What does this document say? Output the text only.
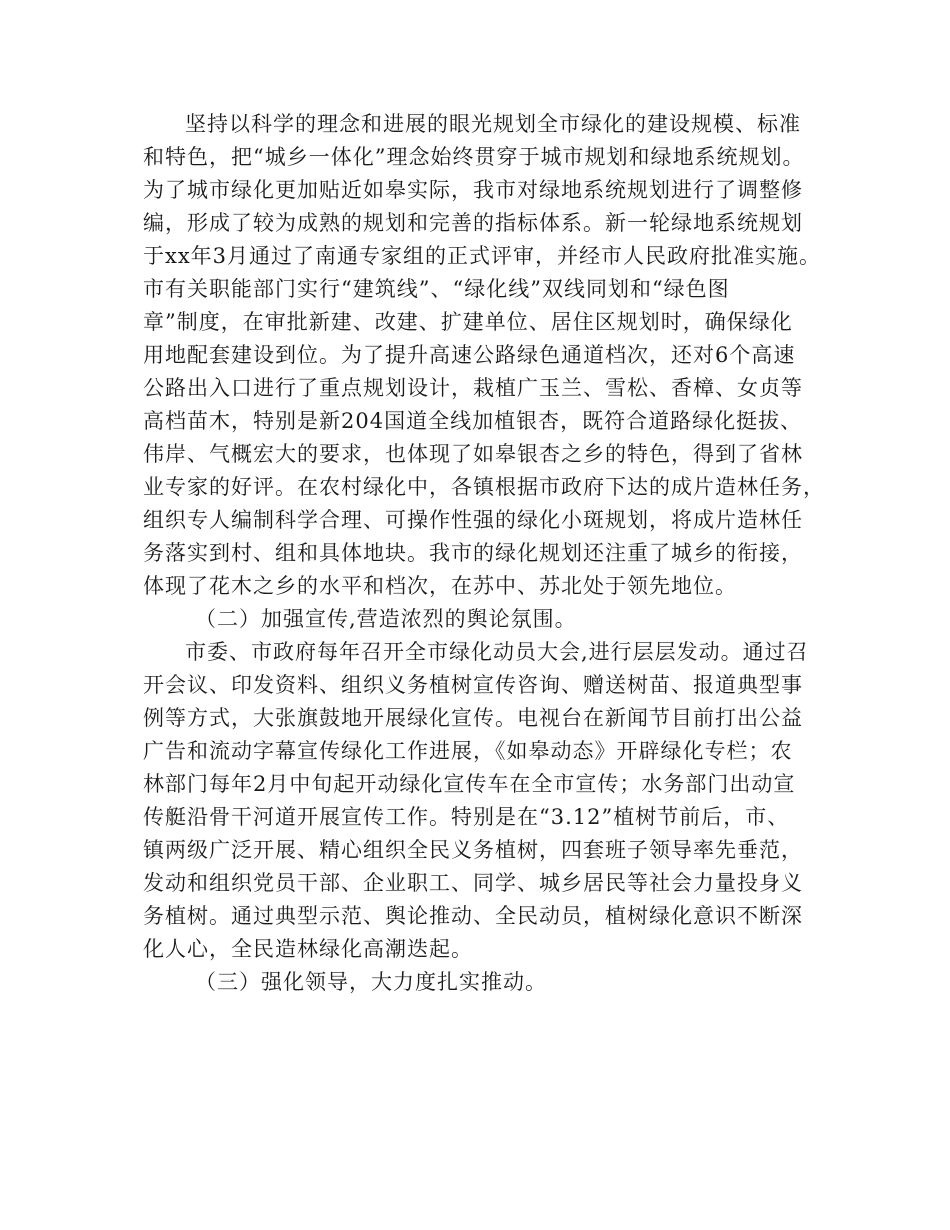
坚持以科学的理念和进展的眼光规划全市绿化的建设规模、标准
和特色，把“城乡一体化”理念始终贯穿于城市规划和绿地系统规划。
为了城市绿化更加贴近如皋实际，我市对绿地系统规划进行了调整修
编，形成了较为成熟的规划和完善的指标体系。新一轮绿地系统规划
于xx年3月通过了南通专家组的正式评审，并经市人民政府批准实施。
市有关职能部门实行“建筑线”、“绿化线”双线同划和“绿色图
章”制度，在审批新建、改建、扩建单位、居住区规划时，确保绿化
用地配套建设到位。为了提升高速公路绿色通道档次，还对6个高速
公路出入口进行了重点规划设计，栽植广玉兰、雪松、香樟、女贞等
高档苗木，特别是新204国道全线加植银杏，既符合道路绿化挺拔、
伟岸、气概宏大的要求，也体现了如皋银杏之乡的特色，得到了省林
业专家的好评。在农村绿化中，各镇根据市政府下达的成片造林任务，
组织专人编制科学合理、可操作性强的绿化小斑规划，将成片造林任
务落实到村、组和具体地块。我市的绿化规划还注重了城乡的衔接，
体现了花木之乡的水平和档次，在苏中、苏北处于领先地位。
（二）加强宣传,营造浓烈的舆论氛围。
市委、市政府每年召开全市绿化动员大会,进行层层发动。通过召
开会议、印发资料、组织义务植树宣传咨询、赠送树苗、报道典型事
例等方式，大张旗鼓地开展绿化宣传。电视台在新闻节目前打出公益
广告和流动字幕宣传绿化工作进展，《如皋动态》开辟绿化专栏；农
林部门每年2月中旬起开动绿化宣传车在全市宣传；水务部门出动宣
传艇沿骨干河道开展宣传工作。特别是在“3.12”植树节前后，市、
镇两级广泛开展、精心组织全民义务植树，四套班子领导率先垂范，
发动和组织党员干部、企业职工、同学、城乡居民等社会力量投身义
务植树。通过典型示范、舆论推动、全民动员，植树绿化意识不断深
化人心，全民造林绿化高潮迭起。
（三）强化领导，大力度扎实推动。
